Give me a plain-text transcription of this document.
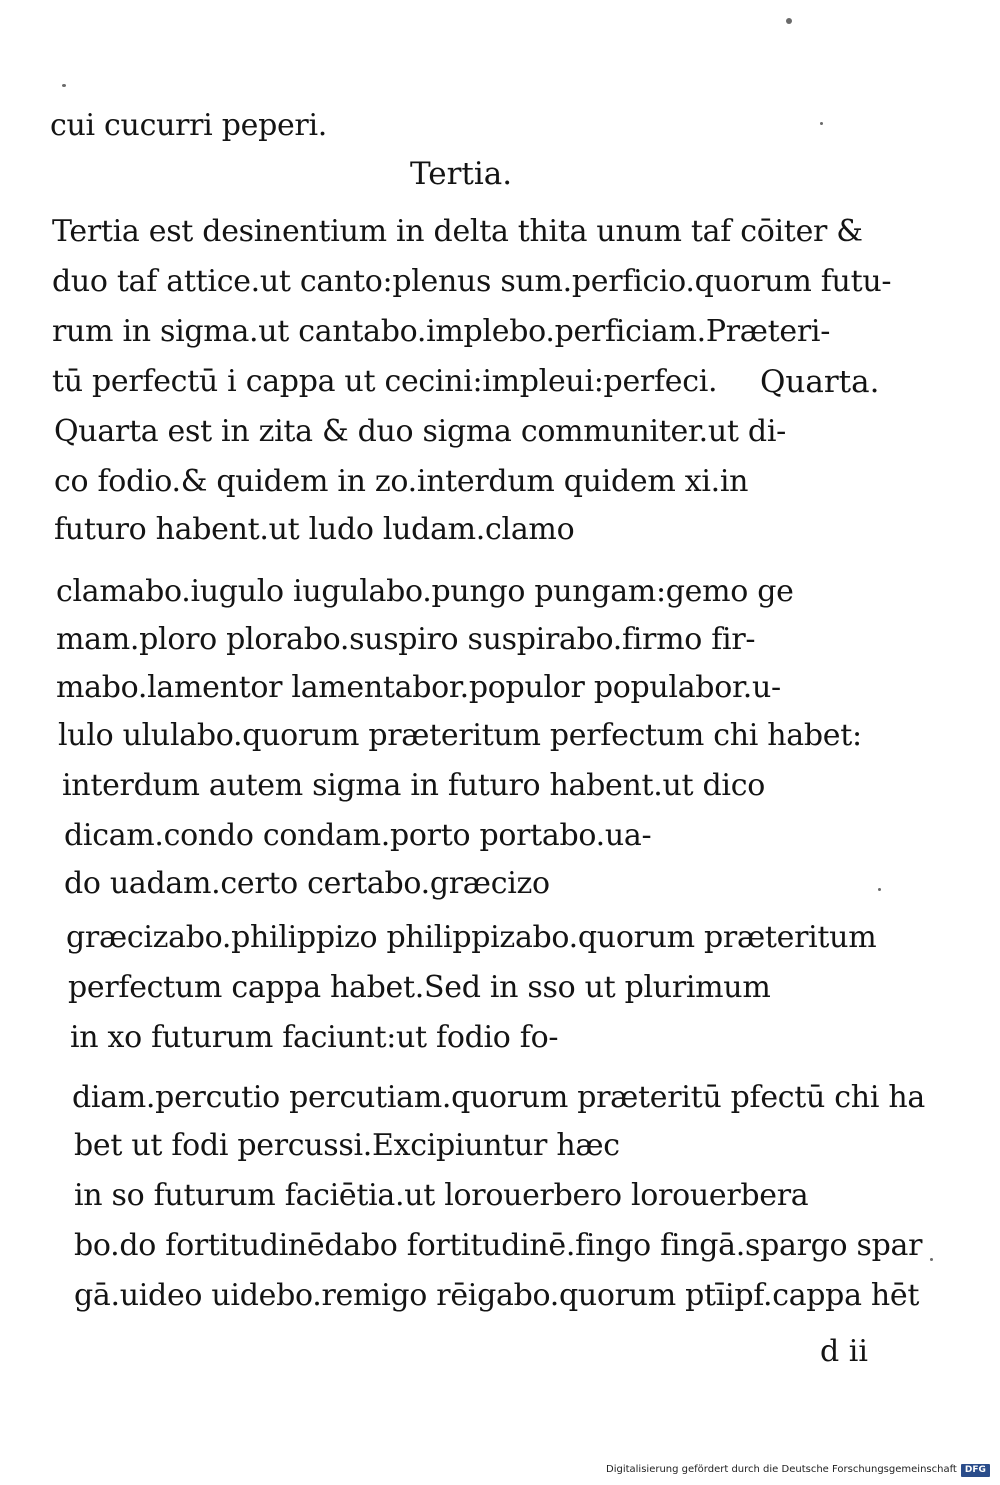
cui cucurri peperi.
Tertia.
Tertia est desinentium in delta thita unum taf cōiter &
duo taf attice.ut canto:plenus sum.perficio.quorum futu-
rum in sigma.ut cantabo.implebo.perficiam.Præteri-
tū perfectū i cappa ut cecini:impleui:perfeci. Quarta.
Quarta est in zita & duo sigma communiter.ut di-
co fodio.& quidem in zo.interdum quidem xi.in
futuro habent.ut ludo ludam.clamo
clamabo.iugulo iugulabo.pungo pungam:gemo ge
mam.ploro plorabo.suspiro suspirabo.firmo fir-
mabo.lamentor lamentabor.populor populabor.u-
lulo ululabo.quorum præteritum perfectum chi habet:
interdum autem sigma in futuro habent.ut dico
dicam.condo condam.porto portabo.ua-
do uadam.certo certabo.græcizo
græcizabo.philippizo philippizabo.quorum præteritum
perfectum cappa habet.Sed in sso ut plurimum
in xo futurum faciunt:ut fodio fo-
diam.percutio percutiam.quorum præteritū pfectū chi ha
bet ut fodi percussi.Excipiuntur hæc
in so futurum faciētia.ut lorouerbero lorouerbera
bo.do fortitudinēdabo fortitudinē.fingo fingā.spargo spar
gā.uideo uidebo.remigo rēigabo.quorum ptīipf.cappa hēt
d ii
Digitalisierung gefördert durch die Deutsche Forschungsgemeinschaft DFG
